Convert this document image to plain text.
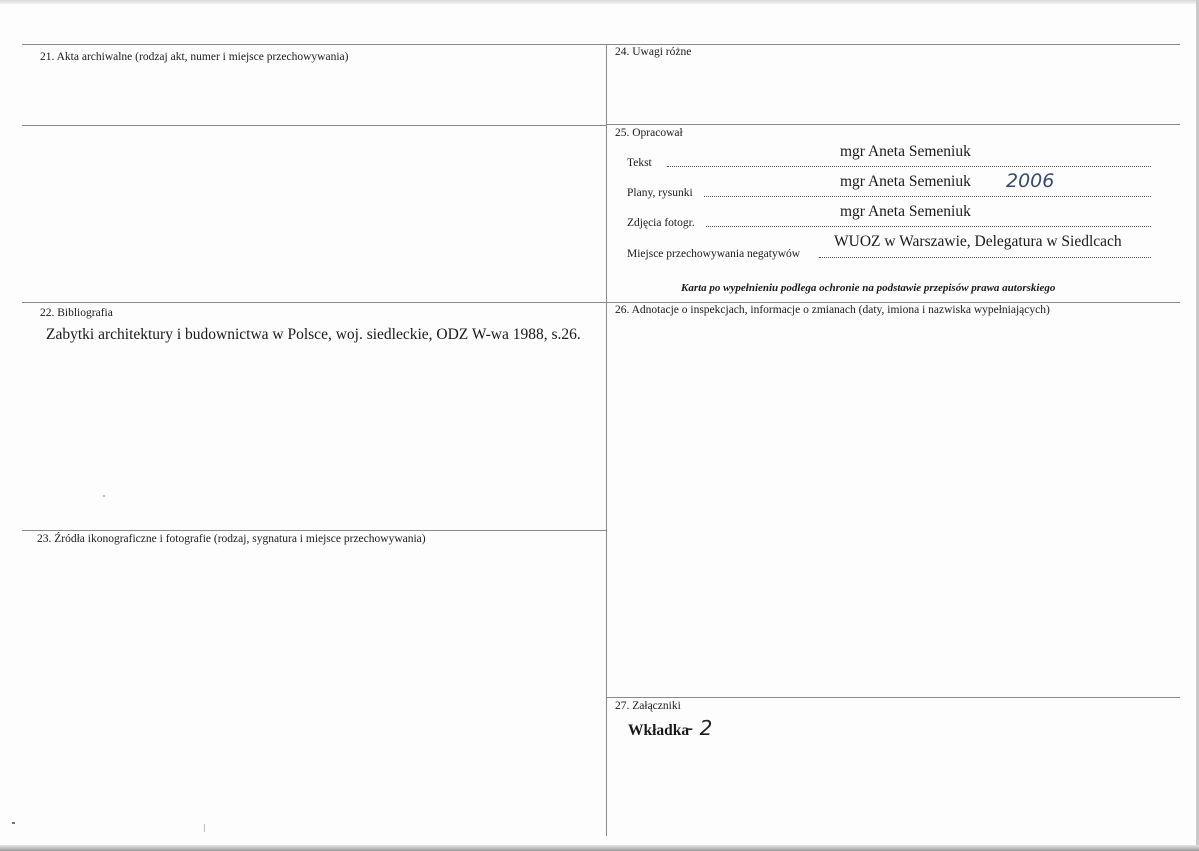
21. Akta archiwalne (rodzaj akt, numer i miejsce przechowywania)	24. Uwagi różne
25. Opracował
Tekst
mgr Aneta Semeniuk
Plany, rysunki
mgr Aneta Semeniuk 2006
Zdjęcia fotogr.
mgr Aneta Semeniuk
Miejsce przechowywania negatywów
WUOZ w Warszawie, Delegatura w Siedlcach
Karta po wypełnieniu podlega ochronie na podstawie przepisów prawa autorskiego
22. Bibliografia
Zabytki architektury i budownictwa w Polsce, woj. siedleckie, ODZ W-wa 1988, s.26.
26. Adnotacje o inspekcjach, informacje o zmianach (daty, imiona i nazwiska wypełniających)
23. Źródła ikonograficzne i fotografie (rodzaj, sygnatura i miejsce przechowywania)
27. Załączniki
Wkładka
- 2
